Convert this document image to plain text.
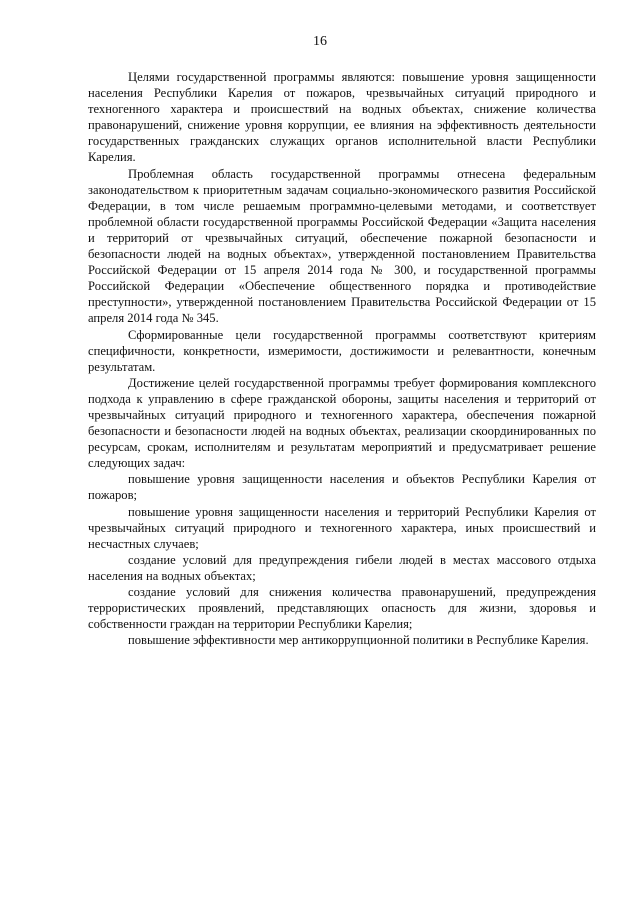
16

Целями государственной программы являются: повышение уровня защищенности населения Республики Карелия от пожаров, чрезвычайных ситуаций природного и техногенного характера и происшествий на водных объектах, снижение количества правонарушений, снижение уровня коррупции, ее влияния на эффективность деятельности государственных гражданских служащих органов исполнительной власти Республики Карелия.

Проблемная область государственной программы отнесена федеральным законодательством к приоритетным задачам социально-экономического развития Российской Федерации, в том числе решаемым программно-целевыми методами, и соответствует проблемной области государственной программы Российской Федерации «Защита населения и территорий от чрезвычайных ситуаций, обеспечение пожарной безопасности и безопасности людей на водных объектах», утвержденной постановлением Правительства Российской Федерации от 15 апреля 2014 года № 300, и государственной программы Российской Федерации «Обеспечение общественного порядка и противодействие преступности», утвержденной постановлением Правительства Российской Федерации от 15 апреля 2014 года № 345.

Сформированные цели государственной программы соответствуют критериям специфичности, конкретности, измеримости, достижимости и релевантности, конечным результатам.

Достижение целей государственной программы требует формирования комплексного подхода к управлению в сфере гражданской обороны, защиты населения и территорий от чрезвычайных ситуаций природного и техногенного характера, обеспечения пожарной безопасности и безопасности людей на водных объектах, реализации скоординированных по ресурсам, срокам, исполнителям и результатам мероприятий и предусматривает решение следующих задач:

повышение уровня защищенности населения и объектов Республики Карелия от пожаров;

повышение уровня защищенности населения и территорий Республики Карелия от чрезвычайных ситуаций природного и техногенного характера, иных происшествий и несчастных случаев;

создание условий для предупреждения гибели людей в местах массового отдыха населения на водных объектах;

создание условий для снижения количества правонарушений, предупреждения террористических проявлений, представляющих опасность для жизни, здоровья и собственности граждан на территории Республики Карелия;

повышение эффективности мер антикоррупционной политики в Республике Карелия.
